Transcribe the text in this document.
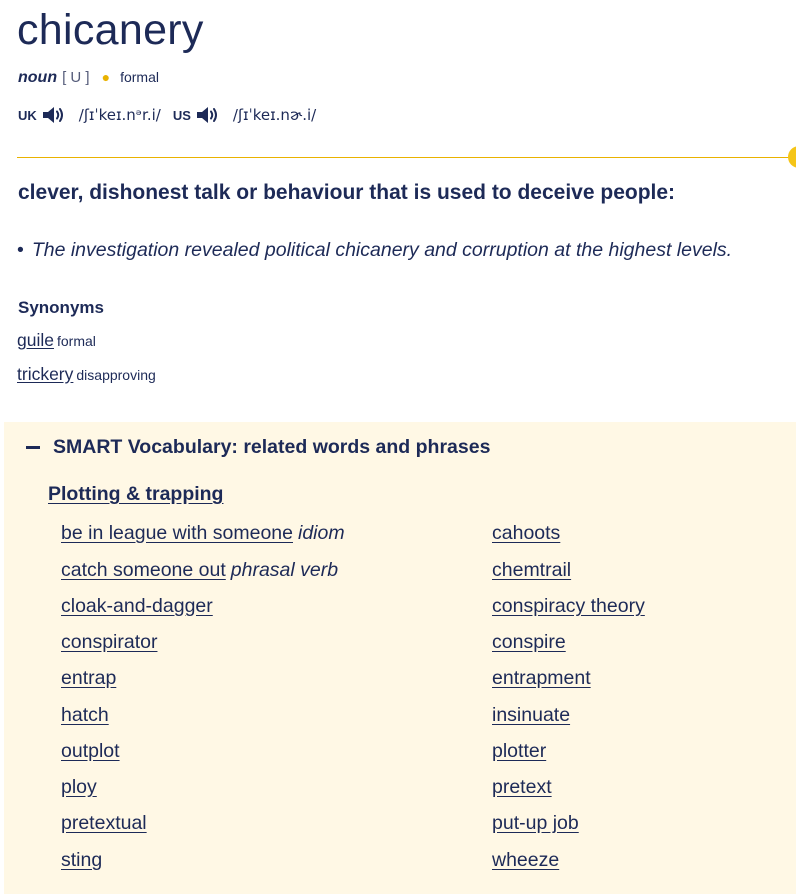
chicanery
noun [ U ] ● formal
UK	/ʃɪˈkeɪ.nᵊr.i/ US	/ʃɪˈkeɪ.nɚ.i/
clever, dishonest talk or behaviour that is used to deceive people:
• The investigation revealed political chicanery and corruption at the highest levels.
Synonyms
guile formal
trickery disapproving
SMART Vocabulary: related words and phrases
Plotting & trapping
be in league with someone idiom
catch someone out phrasal verb
cloak-and-dagger
conspirator
entrap
hatch
outplot
ploy
pretextual
sting
cahoots
chemtrail
conspiracy theory
conspire
entrapment
insinuate
plotter
pretext
put-up job
wheeze
